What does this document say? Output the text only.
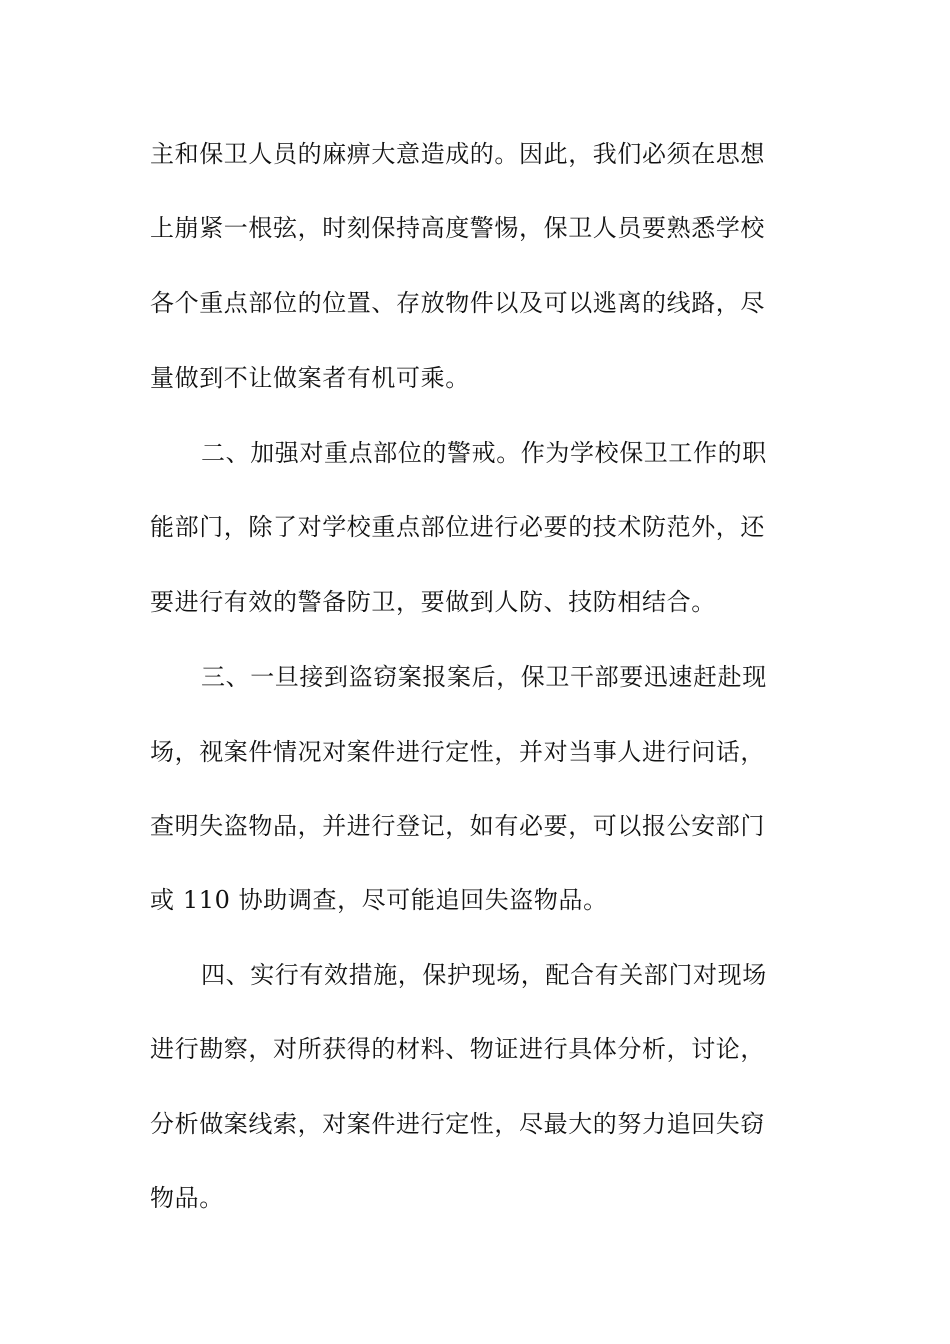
主和保卫人员的麻痹大意造成的。因此，我们必须在思想
上崩紧一根弦，时刻保持高度警惕，保卫人员要熟悉学校
各个重点部位的位置、存放物件以及可以逃离的线路，尽
量做到不让做案者有机可乘。
二、加强对重点部位的警戒。作为学校保卫工作的职
能部门，除了对学校重点部位进行必要的技术防范外，还
要进行有效的警备防卫，要做到人防、技防相结合。
三、一旦接到盗窃案报案后，保卫干部要迅速赶赴现
场，视案件情况对案件进行定性，并对当事人进行问话，
查明失盗物品，并进行登记，如有必要，可以报公安部门
或 110 协助调查，尽可能追回失盗物品。
四、实行有效措施，保护现场，配合有关部门对现场
进行勘察，对所获得的材料、物证进行具体分析，讨论，
分析做案线索，对案件进行定性，尽最大的努力追回失窃
物品。
